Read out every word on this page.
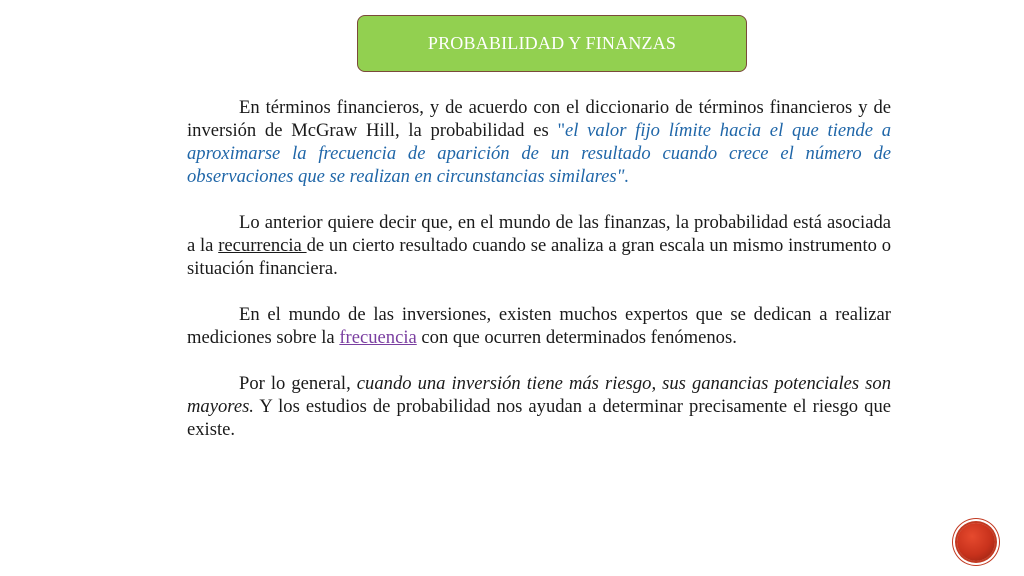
PROBABILIDAD Y FINANZAS

En términos financieros, y de acuerdo con el diccionario de términos financieros y de inversión de McGraw Hill, la probabilidad es "el valor fijo límite hacia el que tiende a aproximarse la frecuencia de aparición de un resultado cuando crece el número de observaciones que se realizan en circunstancias similares".

Lo anterior quiere decir que, en el mundo de las finanzas, la probabilidad está asociada a la recurrencia de un cierto resultado cuando se analiza a gran escala un mismo instrumento o situación financiera.

En el mundo de las inversiones, existen muchos expertos que se dedican a realizar mediciones sobre la frecuencia con que ocurren determinados fenómenos.

Por lo general, cuando una inversión tiene más riesgo, sus ganancias potenciales son mayores. Y los estudios de probabilidad nos ayudan a determinar precisamente el riesgo que existe.
